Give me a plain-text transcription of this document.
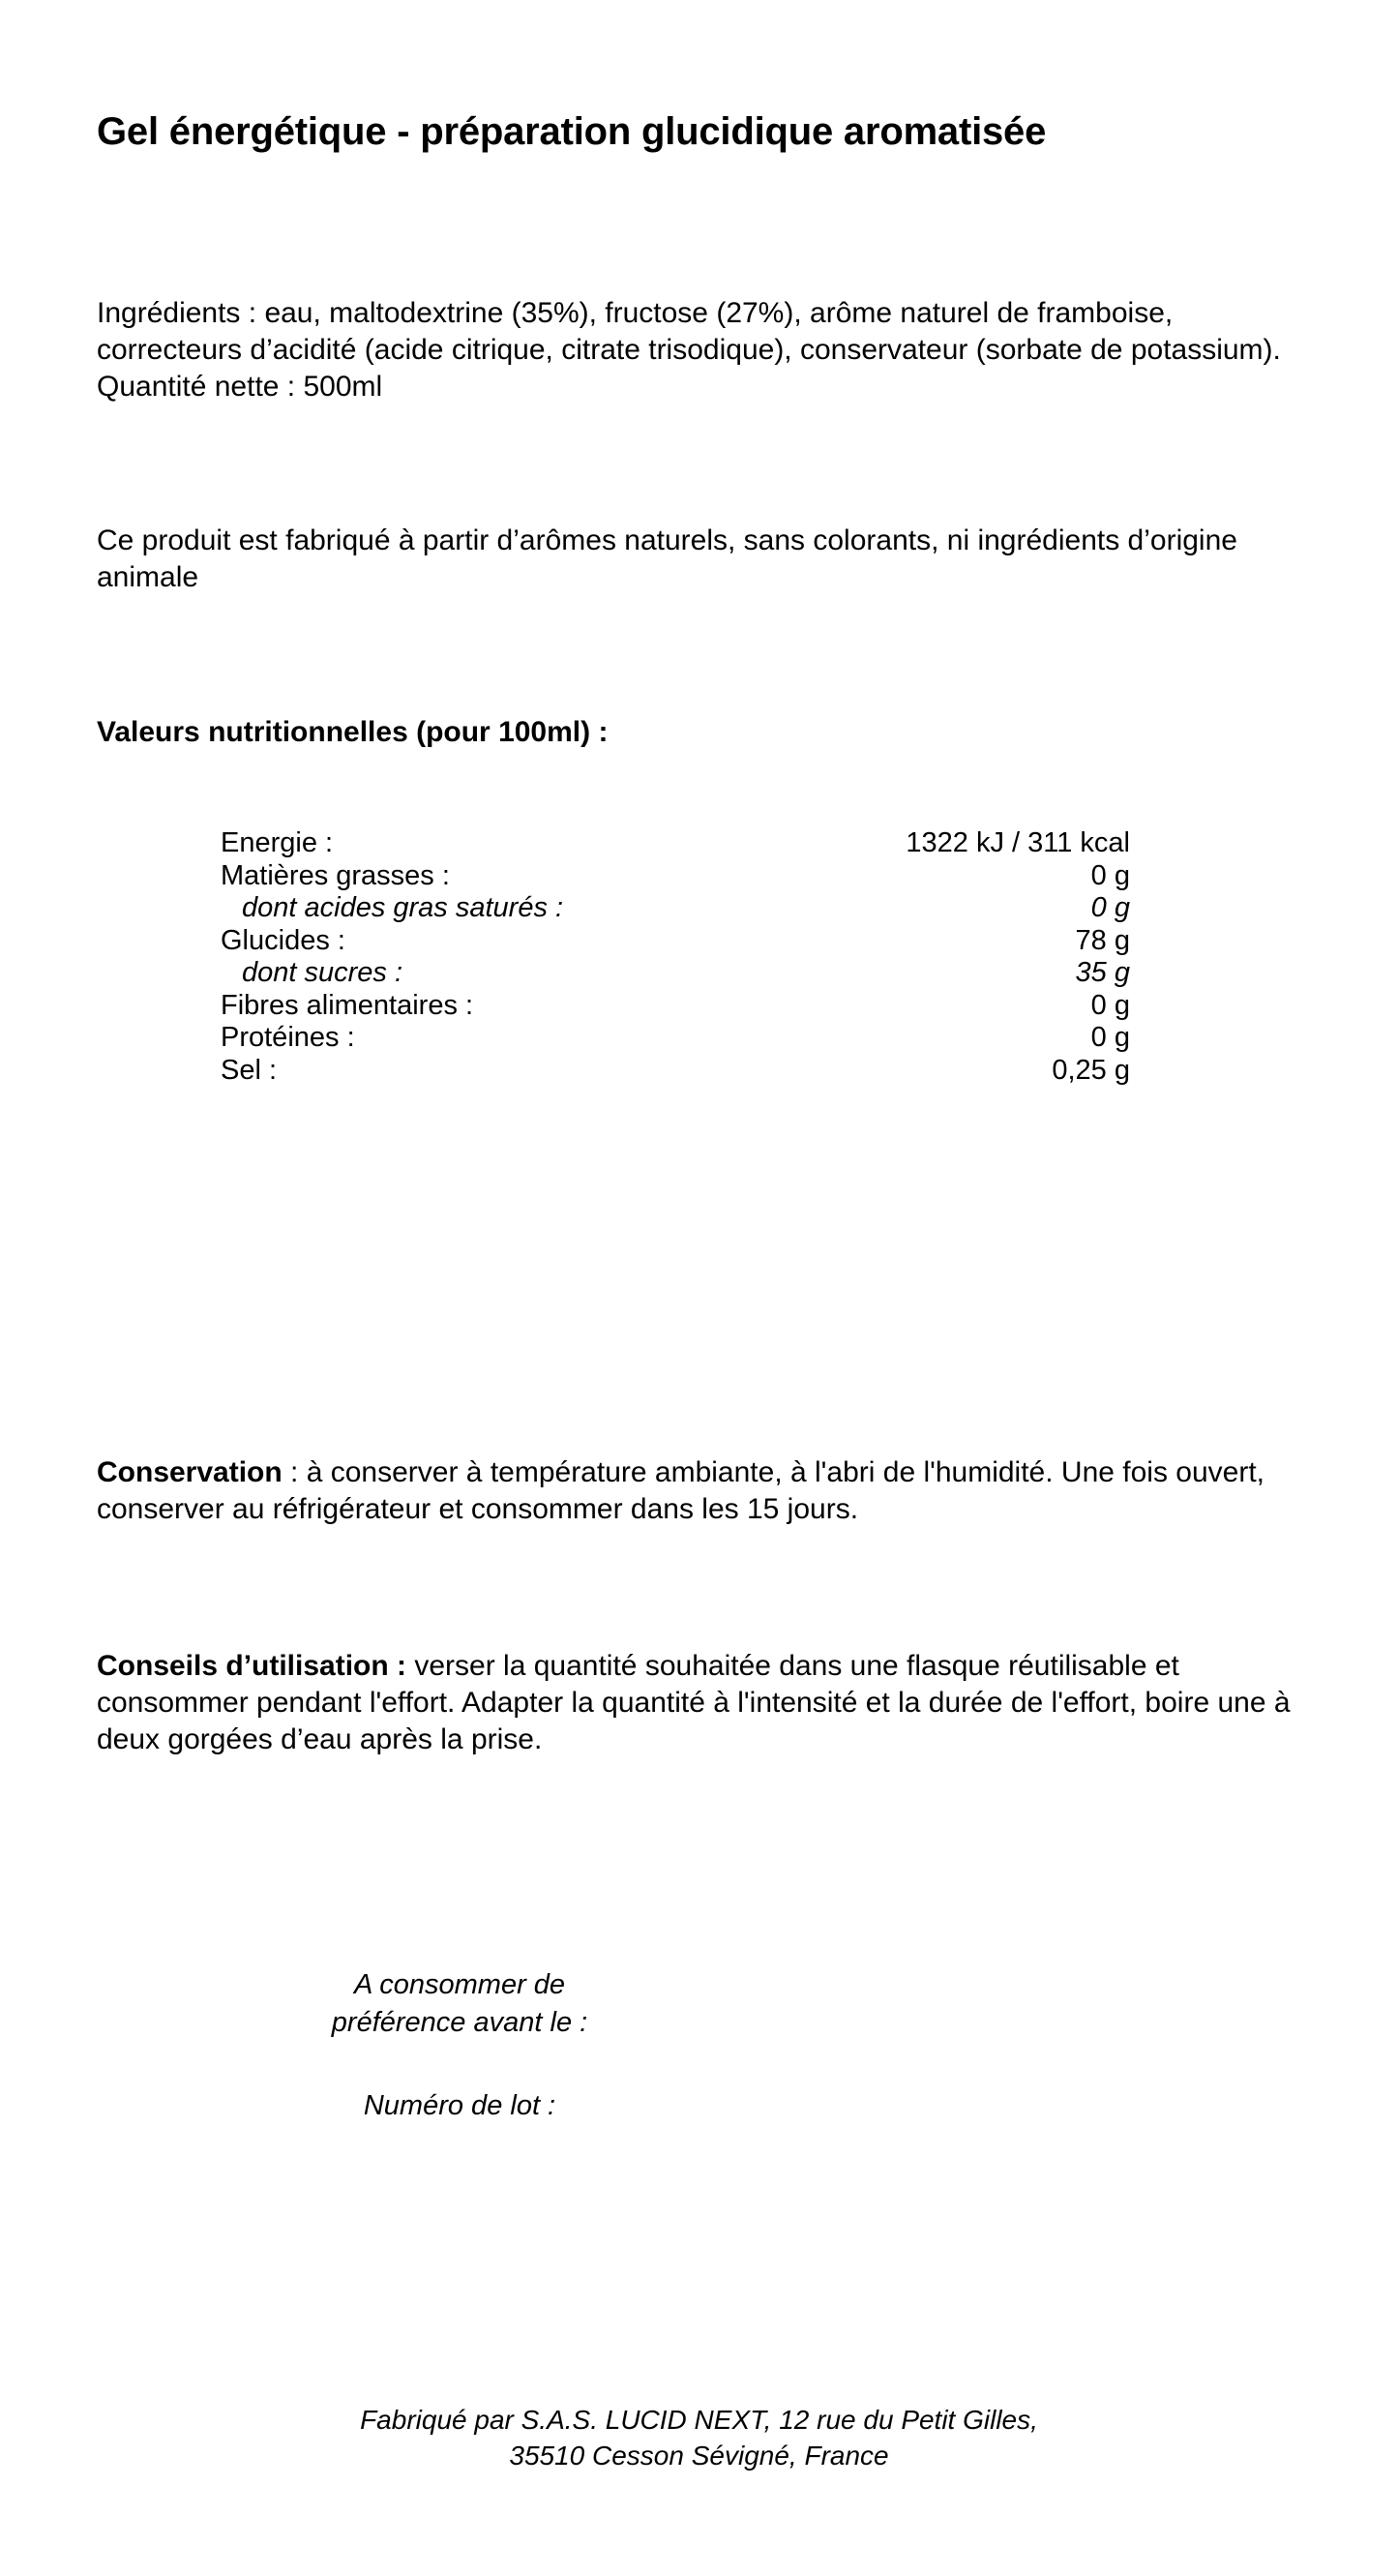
Gel énergétique - préparation glucidique aromatisée
Ingrédients : eau, maltodextrine (35%), fructose (27%), arôme naturel de framboise, correcteurs d’acidité (acide citrique, citrate trisodique), conservateur (sorbate de potassium).
Quantité nette : 500ml

Ce produit est fabriqué à partir d’arômes naturels, sans colorants, ni ingrédients d’origine animale

Valeurs nutritionnelles (pour 100ml) :
Energie :	1322 kJ / 311 kcal
Matières grasses :	0 g
dont acides gras saturés :	0 g
Glucides :	78 g
dont sucres :	35 g
Fibres alimentaires :	0 g
Protéines :	0 g
Sel :	0,25 g

Conservation : à conserver à température ambiante, à l'abri de l'humidité. Une fois ouvert, conserver au réfrigérateur et consommer dans les 15 jours.

Conseils d’utilisation : verser la quantité souhaitée dans une flasque réutilisable et consommer pendant l'effort. Adapter la quantité à l'intensité et la durée de l'effort, boire une à deux gorgées d’eau après la prise.

A consommer de
préférence avant le :
Numéro de lot :
Fabriqué par S.A.S. LUCID NEXT, 12 rue du Petit Gilles,
35510 Cesson Sévigné, France
